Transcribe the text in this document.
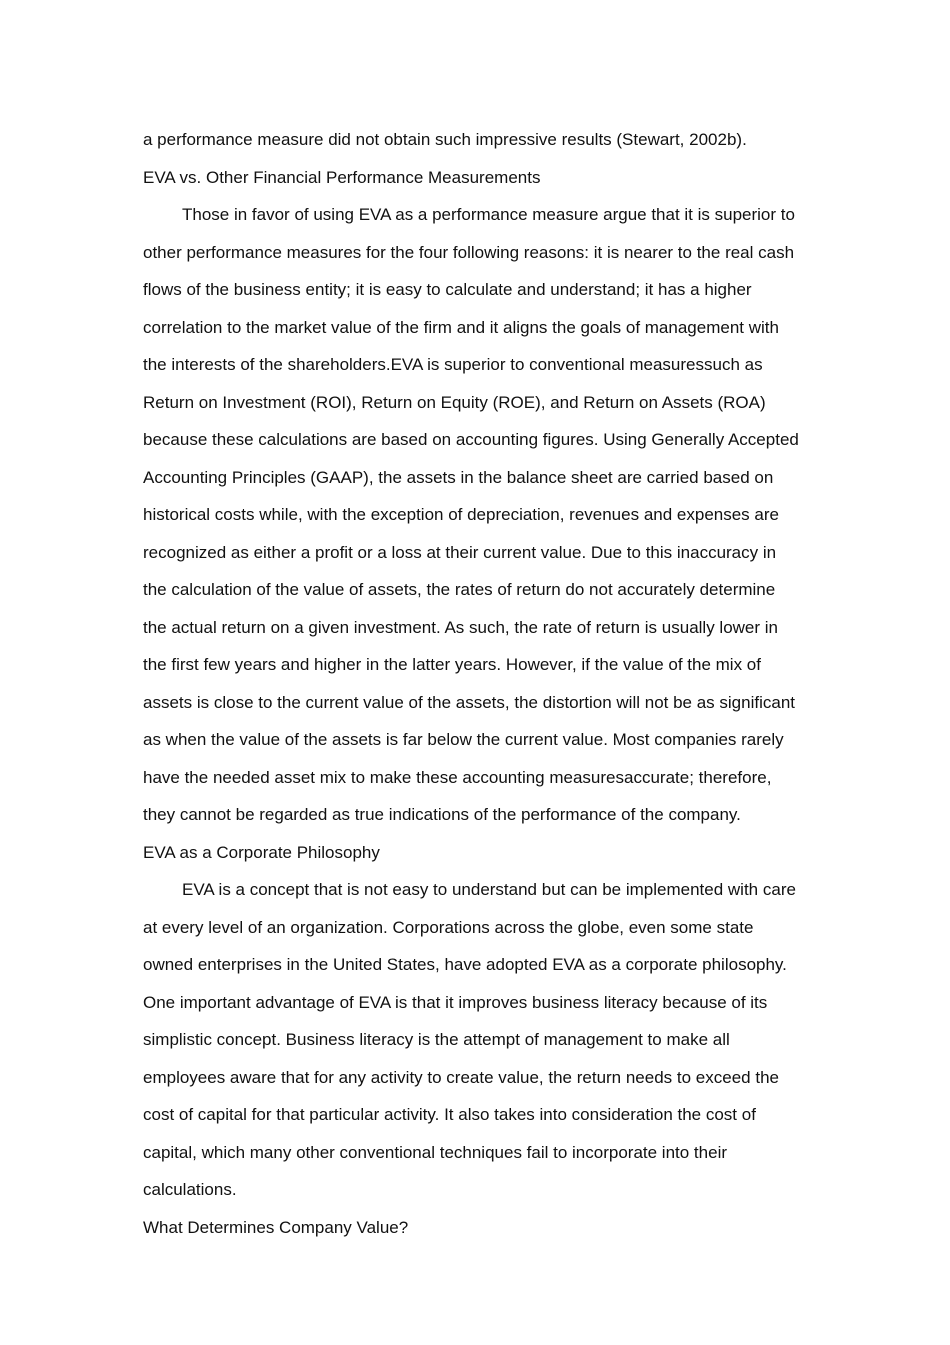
a performance measure did not obtain such impressive results (Stewart, 2002b).
EVA vs. Other Financial Performance Measurements
Those in favor of using EVA as a performance measure argue that it is superior to
other performance measures for the four following reasons: it is nearer to the real cash
flows of the business entity; it is easy to calculate and understand; it has a higher
correlation to the market value of the firm and it aligns the goals of management with
the interests of the shareholders.EVA is superior to conventional measuressuch as
Return on Investment (ROI), Return on Equity (ROE), and Return on Assets (ROA)
because these calculations are based on accounting figures. Using Generally Accepted
Accounting Principles (GAAP), the assets in the balance sheet are carried based on
historical costs while, with the exception of depreciation, revenues and expenses are
recognized as either a profit or a loss at their current value. Due to this inaccuracy in
the calculation of the value of assets, the rates of return do not accurately determine
the actual return on a given investment. As such, the rate of return is usually lower in
the first few years and higher in the latter years. However, if the value of the mix of
assets is close to the current value of the assets, the distortion will not be as significant
as when the value of the assets is far below the current value. Most companies rarely
have the needed asset mix to make these accounting measuresaccurate; therefore,
they cannot be regarded as true indications of the performance of the company.
EVA as a Corporate Philosophy
EVA is a concept that is not easy to understand but can be implemented with care
at every level of an organization. Corporations across the globe, even some state
owned enterprises in the United States, have adopted EVA as a corporate philosophy.
One important advantage of EVA is that it improves business literacy because of its
simplistic concept. Business literacy is the attempt of management to make all
employees aware that for any activity to create value, the return needs to exceed the
cost of capital for that particular activity. It also takes into consideration the cost of
capital, which many other conventional techniques fail to incorporate into their
calculations.
What Determines Company Value?
